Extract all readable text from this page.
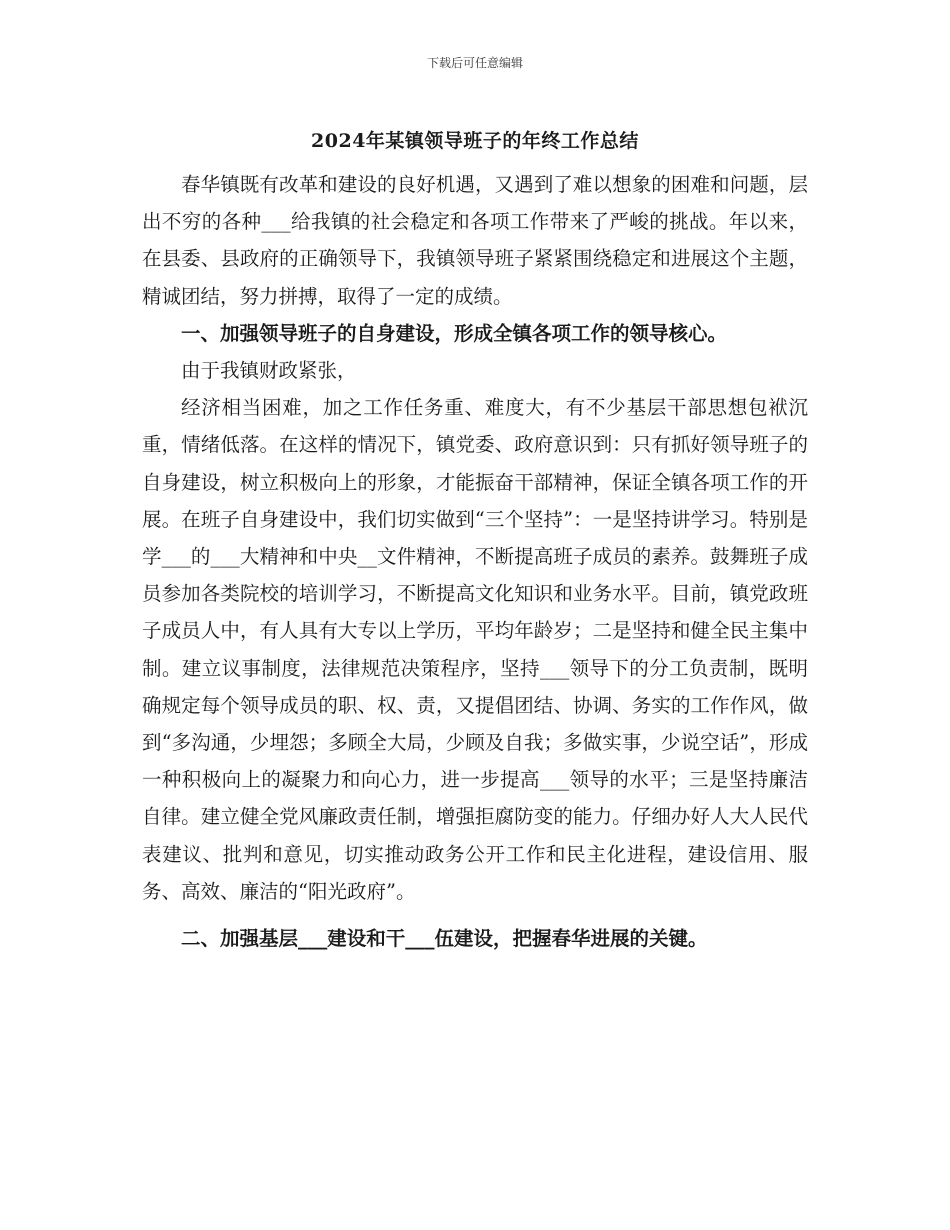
下载后可任意编辑
2024年某镇领导班子的年终工作总结

春华镇既有改革和建设的良好机遇，又遇到了难以想象的困难和问题，层出不穷的各种___给我镇的社会稳定和各项工作带来了严峻的挑战。年以来，在县委、县政府的正确领导下，我镇领导班子紧紧围绕稳定和进展这个主题，精诚团结，努力拼搏，取得了一定的成绩。

一、加强领导班子的自身建设，形成全镇各项工作的领导核心。

由于我镇财政紧张，

经济相当困难，加之工作任务重、难度大，有不少基层干部思想包袱沉重，情绪低落。在这样的情况下，镇党委、政府意识到：只有抓好领导班子的自身建设，树立积极向上的形象，才能振奋干部精神，保证全镇各项工作的开展。在班子自身建设中，我们切实做到“三个坚持”：一是坚持讲学习。特别是学___的___大精神和中央__文件精神，不断提高班子成员的素养。鼓舞班子成员参加各类院校的培训学习，不断提高文化知识和业务水平。目前，镇党政班子成员人中，有人具有大专以上学历，平均年龄岁；二是坚持和健全民主集中制。建立议事制度，法律规范决策程序，坚持___领导下的分工负责制，既明确规定每个领导成员的职、权、责，又提倡团结、协调、务实的工作作风，做到“多沟通，少埋怨；多顾全大局，少顾及自我；多做实事，少说空话”，形成一种积极向上的凝聚力和向心力，进一步提高___领导的水平；三是坚持廉洁自律。建立健全党风廉政责任制，增强拒腐防变的能力。仔细办好人大人民代表建议、批判和意见，切实推动政务公开工作和民主化进程，建设信用、服务、高效、廉洁的“阳光政府”。

二、加强基层___建设和干___伍建设，把握春华进展的关键。
